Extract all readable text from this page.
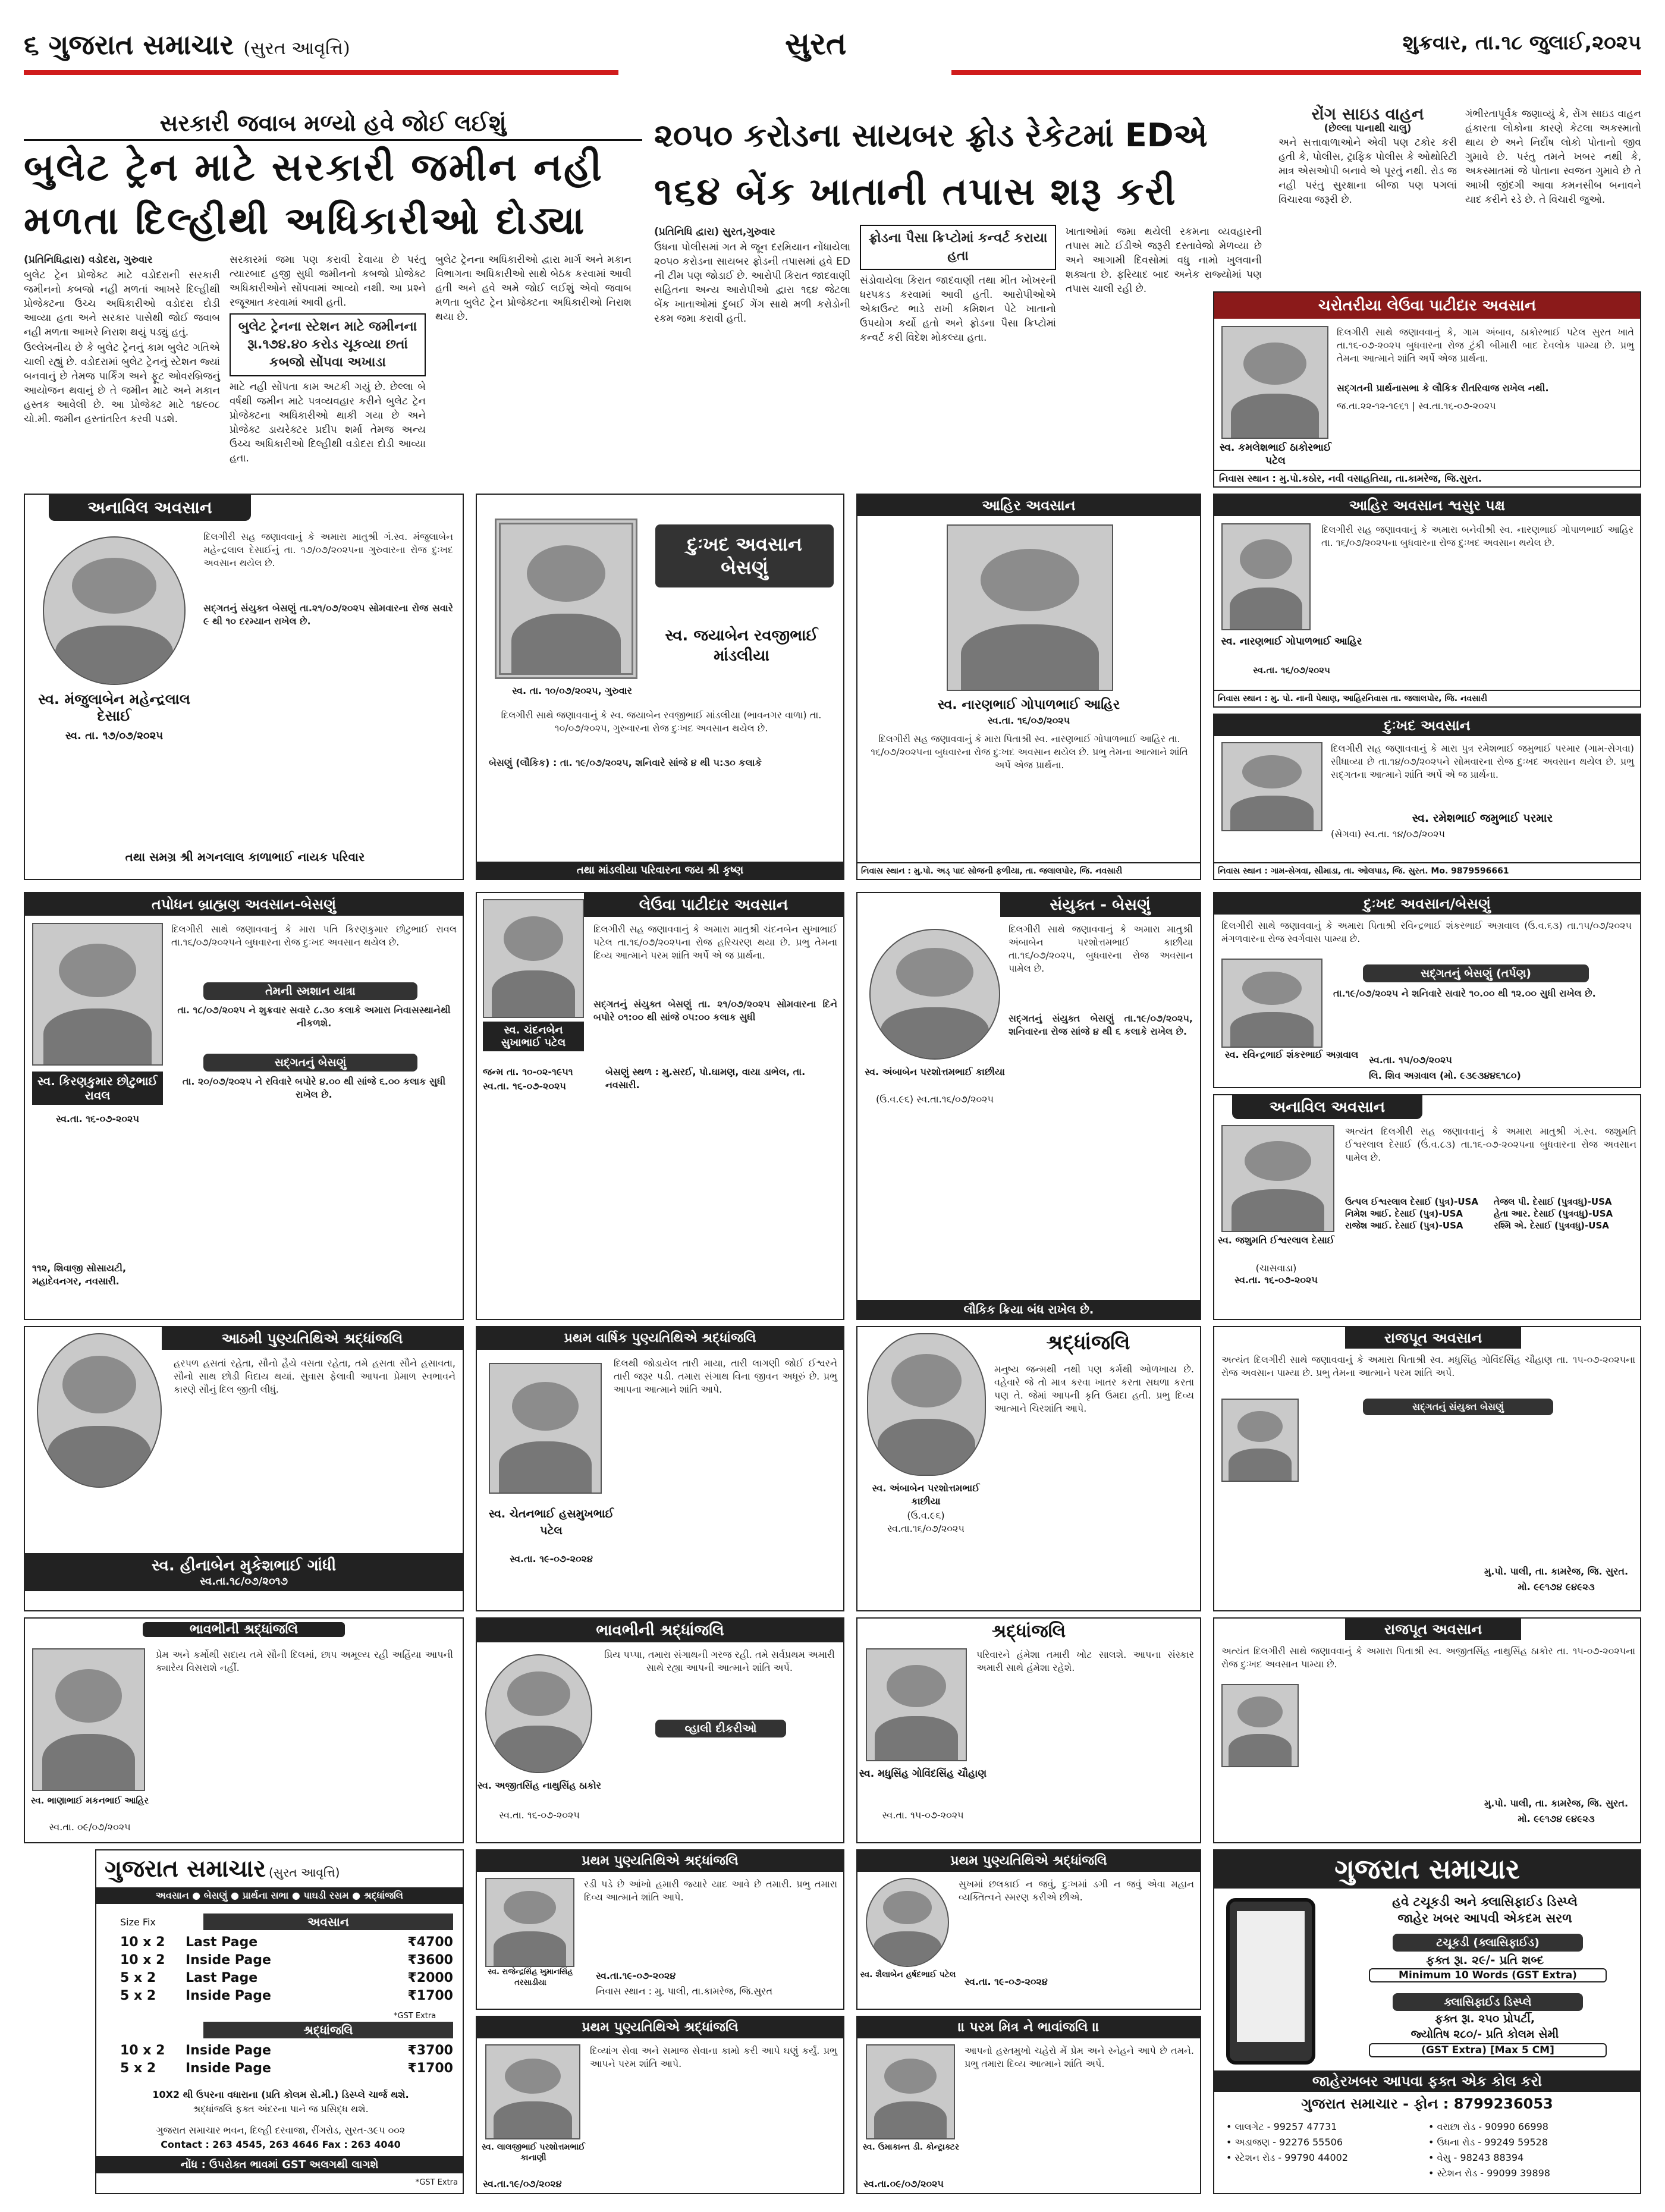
૬ ગુજરાત સમાચાર (સુરત આવૃત્તિ)	સુરત	શુક્રવાર, તા.૧૮ જુલાઈ,૨૦૨૫
સરકારી જવાબ મળ્યો હવે જોઈ લઈશું
બુલેટ ટ્રેન માટે સરકારી જમીન નહી
મળતા દિલ્હીથી અધિકારીઓ દોડ્યા

(પ્રતિનિધિદ્વારા) વડોદરા, ગુરુવાર

બુલેટ ટ્રેન પ્રોજેક્ટ માટે વડોદરાની સરકારી જમીનનો કબજો નહી મળતાં આખરે દિલ્હીથી પ્રોજેક્ટના ઉચ્ચ અધિકારીઓ વડોદરા દોડી આવ્યા હતા અને સરકાર પાસેથી જોઈ જવાબ નહી મળતા આખરે નિરાશ થયું પડ્યું હતું.

ઉલ્લેખનીય છે કે બુલેટ ટ્રેનનું કામ બુલેટ ગતિએ ચાલી રહ્યું છે. વડોદરામાં બુલેટ ટ્રેનનું સ્ટેશન જ્યાં બનવાનું છે તેમજ પાર્કિંગ અને ફૂટ ઓવરબ્રિજનું આયોજન થવાનું છે તે જમીન માટે અને મકાન હસ્તક આવેલી છે. આ પ્રોજેક્ટ માટે ૧૪૯૦૮ ચો.મી. જમીન હસ્તાંતરિત કરવી પડશે.

સરકારમાં જમા પણ કરાવી દેવાયા છે પરંતુ ત્યારબાદ હજી સુધી જમીનનો કબજો પ્રોજેક્ટ અધિકારીઓને સોંપવામાં આવ્યો નથી. આ પ્રશ્ને રજૂઆત કરવામાં આવી હતી.

બુલેટ ટ્રેનના સ્ટેશન માટે જમીનના રૂા.૧૭૪.૪૦ કરોડ ચૂકવ્યા છતાં કબજો સોંપવા અખાડા

માટે નહી સોંપતા કામ અટકી ગયું છે. છેલ્લા બે વર્ષથી જમીન માટે પત્રવ્યવહાર કરીને બુલેટ ટ્રેન પ્રોજેક્ટના અધિકારીઓ થાકી ગયા છે અને પ્રોજેક્ટ ડાયરેક્ટર પ્રદીપ શર્મા તેમજ અન્ય ઉચ્ચ અધિકારીઓ દિલ્હીથી વડોદરા દોડી આવ્યા હતા.

બુલેટ ટ્રેનના અધિકારીઓ દ્વારા માર્ગ અને મકાન વિભાગના અધિકારીઓ સાથે બેઠક કરવામાં આવી હતી અને હવે અમે જોઈ લઈશું એવો જવાબ મળતા બુલેટ ટ્રેન પ્રોજેક્ટના અધિકારીઓ નિરાશ થયા છે.

૨૦૫૦ કરોડના સાયબર ફ્રોડ રેકેટમાં EDએ
૧૬૪ બેંક ખાતાની તપાસ શરૂ કરી

(પ્રતિનિધિ દ્વારા) સુરત,ગુરુવાર

ઉધના પોલીસમાં ગત મે જૂન દરમિયાન નોંધાયેલા ૨૦૫૦ કરોડના સાયબર ફ્રોડની તપાસમાં હવે ED ની ટીમ પણ જોડાઈ છે. આરોપી કિરાત જાદવાણી સહિતના અન્ય આરોપીઓ દ્વારા ૧૬૪ જેટલા બેંક ખાતાઓમાં દુબઈ ગેંગ સાથે મળી કરોડોની રકમ જમા કરાવી હતી.

ફ્રોડના પૈસા ક્રિપ્ટોમાં કન્વર્ટ કરાયા હતા

સંડોવાયેલા કિરાત જાદવાણી તથા મીત ખોખરની ધરપકડ કરવામાં આવી હતી. આરોપીઓએ એકાઉન્ટ ભાડે રાખી કમિશન પેટે ખાતાનો ઉપયોગ કર્યો હતો અને ફ્રોડના પૈસા ક્રિપ્ટોમાં કન્વર્ટ કરી વિદેશ મોકલ્યા હતા.

ખાતાઓમાં જમા થયેલી રકમના વ્યવહારની તપાસ માટે ઈડીએ જરૂરી દસ્તાવેજો મેળવ્યા છે અને આગામી દિવસોમાં વધુ નામો ખુલવાની શક્યતા છે. ફરિયાદ બાદ અનેક રાજ્યોમાં પણ તપાસ ચાલી રહી છે.

રોંગ સાઇડ વાહન
(છેલ્લા પાનાથી ચાલુ)

અને સત્તાવાળાઓને એવી પણ ટકોર કરી હતી કે, પોલીસ, ટ્રાફિક પોલીસ કે ઓથોરિટી માત્ર એસઓપી બનાવે એ પૂરતું નથી. રોડ જ નહી પરંતુ સુરક્ષાના બીજા પણ પગલાં વિચારવા જરૂરી છે.

ગંભીરતાપૂર્વક જણાવ્યું કે, રોંગ સાઇડ વાહન હંકારતા લોકોના કારણે કેટલા અકસ્માતો થાય છે અને નિર્દોષ લોકો પોતાનો જીવ ગુમાવે છે. પરંતુ તમને ખબર નથી કે, અકસ્માતમાં જે પોતાના સ્વજન ગુમાવે છે તે આખી જીંદગી આવા કમનસીબ બનાવને યાદ કરીને રડે છે. તે વિચારી જુઓ.

ચરોતરીયા લેઉવા પાટીદાર અવસાન
સ્વ. કમલેશભાઈ ઠાકોરભાઈ પટેલ
દિલગીરી સાથે જણાવવાનું કે, ગામ અંબાવ, ઠાકોરભાઈ પટેલ સુરત ખાતે તા.૧૬-૦૭-૨૦૨૫ બુધવારના રોજ ટુંકી બીમારી બાદ દેવલોક પામ્યા છે. પ્રભુ તેમના આત્માને શાંતિ અર્પે એજ પ્રાર્થના.
સદ્‌ગતની પ્રાર્થનાસભા કે લૌકિક રીતરિવાજ રાખેલ નથી.
જ.તા.૨૨-૧૨-૧૯૬૧ | સ્વ.તા.૧૬-૦૭-૨૦૨૫
નિવાસ સ્થાન : મુ.પો.કઠોર, નવી વસાહતિયા, તા.કામરેજ, જિ.સુરત.
અનાવિલ અવસાન
સ્વ. મંજુલાબેન મહેન્દ્રલાલ દેસાઈ
સ્વ. તા. ૧૭/૦૭/૨૦૨૫
દિલગીરી સહ જણાવવાનું કે અમારા માતુશ્રી ગં.સ્વ. મંજુલાબેન મહેન્દ્રલાલ દેસાઈનું તા. ૧૭/૦૭/૨૦૨૫ના ગુરુવારના રોજ દુઃખદ અવસાન થયેલ છે.
સદ્‌ગતનું સંયુક્ત બેસણું તા.૨૧/૦૭/૨૦૨૫ સોમવારના રોજ સવારે ૯ થી ૧૦ દરમ્યાન રાખેલ છે.
તથા સમગ્ર શ્રી મગનલાલ કાળાભાઈ નાયક પરિવાર
દુઃખદ અવસાન બેસણું
સ્વ. જયાબેન રવજીભાઈ માંડલીયા
સ્વ. તા. ૧૦/૦૭/૨૦૨૫, ગુરુવાર
દિલગીરી સાથે જણાવવાનું કે સ્વ. જયાબેન રવજીભાઈ માંડલીયા (ભાવનગર વાળા) તા. ૧૦/૦૭/૨૦૨૫, ગુરુવારના રોજ દુઃખદ અવસાન થયેલ છે.
બેસણું (લૌકિક) : તા. ૧૯/૦૭/૨૦૨૫, શનિવારે સાંજે ૪ થી ૫:૩૦ કલાકે
તથા માંડલીયા પરિવારના જય શ્રી કૃષ્ણ
આહિર અવસાન
સ્વ. નારણભાઈ ગોપાળભાઈ આહિર
સ્વ.તા. ૧૬/૦૭/૨૦૨૫
દિલગીરી સહ જણાવવાનું કે મારા પિતાશ્રી સ્વ. નારણભાઈ ગોપાળભાઈ આહિર તા. ૧૬/૦૭/૨૦૨૫ના બુધવારના રોજ દુઃખદ અવસાન થયેલ છે. પ્રભુ તેમના આત્માને શાંતિ અર્પે એજ પ્રાર્થના.
નિવાસ સ્થાન : મુ.પો. અડ્‌ પાદ સોજની ફળીયા, તા. જલાલપોર, જિ. નવસારી
આહિર અવસાન શ્વસુર પક્ષ
દિલગીરી સહ જણાવવાનું કે અમારા બનેવીશ્રી સ્વ. નારણભાઈ ગોપાળભાઈ આહિર તા. ૧૬/૦૭/૨૦૨૫ના બુધવારના રોજ દુઃખદ અવસાન થયેલ છે.
સ્વ. નારણભાઈ ગોપાળભાઈ આહિર
સ્વ.તા. ૧૬/૦૭/૨૦૨૫
નિવાસ સ્થાન : મુ. પો. નાની પેથાણ, આહિરનિવાસ તા. જલાલપોર, જિ. નવસારી
દુઃખદ અવસાન
દિલગીરી સહ જણાવવાનું કે મારા પુત્ર રમેશભાઈ જમુભાઈ પરમાર (ગામ-સેગવા) સીધાવ્યા છે તા.૧૪/૦૭/૨૦૨૫ને સોમવારના રોજ દુઃખદ અવસાન થયેલ છે. પ્રભુ સદ્‌ગતના આત્માને શાંતિ અર્પે એ જ પ્રાર્થના.
સ્વ. રમેશભાઈ જમુભાઈ પરમાર
(સેગવા) સ્વ.તા. ૧૪/૦૭/૨૦૨૫
નિવાસ સ્થાન : ગામ-સેગવા, સીમાડા, તા. ઓલપાડ, જિ. સુરત. Mo. 9879596661
તપોધન બ્રાહ્મણ અવસાન-બેસણું
દિલગીરી સાથે જણાવવાનું કે મારા પતિ કિરણકુમાર છોટુભાઈ રાવલ તા.૧૬/૦૭/૨૦૨૫ને બુધવારના રોજ દુઃખદ અવસાન થયેલ છે.
તેમની સ્મશાન યાત્રા
તા. ૧૮/૦૭/૨૦૨૫ ને શુક્રવાર સવારે ૮.૩૦ કલાકે અમારા નિવાસસ્થાનેથી નીકળશે.
સદ્‌ગતનું બેસણું
તા. ૨૦/૦૭/૨૦૨૫ ને રવિવારે બપોરે ૪.૦૦ થી સાંજે ૬.૦૦ કલાક સુધી રાખેલ છે.
સ્વ. કિરણકુમાર છોટુભાઈ રાવલ
સ્વ.તા. ૧૬-૦૭-૨૦૨૫
૧૧૨, શિવાજી સોસાયટી, મહાદેવનગર, નવસારી.
લેઉવા પાટીદાર અવસાન
દિલગીરી સહ જણાવવાનું કે અમારા માતુશ્રી ચંદનબેન સુખાભાઈ પટેલ તા.૧૬/૦૭/૨૦૨૫ના રોજ હરિચરણ થયા છે. પ્રભુ તેમના દિવ્ય આત્માને પરમ શાંતિ અર્પે એ જ પ્રાર્થના.
સ્વ. ચંદનબેન સુખાભાઈ પટેલ
જન્મ તા. ૧૦-૦૨-૧૯૫૧
સ્વ.તા. ૧૬-૦૭-૨૦૨૫
સદ્‌ગતનું સંયુક્ત બેસણું તા. ૨૧/૦૭/૨૦૨૫ સોમવારના દિને બપોરે ૦૧:૦૦ થી સાંજે ૦૫:૦૦ કલાક સુધી
બેસણું સ્થળ : મુ.સરઈ, પો.ઘામણ, વાયા ડાભેલ, તા. નવસારી.
સંયુક્ત - બેસણું
દિલગીરી સાથે જણાવવાનું કે અમારા માતુશ્રી અંબાબેન પરશોત્તમભાઈ કાછીયા તા.૧૬/૦૭/૨૦૨૫, બુધવારના રોજ અવસાન પામેલ છે.
સ્વ. અંબાબેન પરશોત્તમભાઈ કાછીયા
(ઉ.વ.૯૬) સ્વ.તા.૧૬/૦૭/૨૦૨૫
સદ્‌ગતનું સંયુક્ત બેસણું તા.૧૯/૦૭/૨૦૨૫, શનિવારના રોજ સાંજે ૪ થી ૬ કલાકે રાખેલ છે.
લૌકિક ક્રિયા બંધ રાખેલ છે.
દુઃખદ અવસાન/બેસણું
દિલગીરી સાથે જણાવવાનું કે અમારા પિતાશ્રી રવિન્દ્રભાઈ શંકરભાઈ અગ્રવાલ (ઉ.વ.૬૩) તા.૧૫/૦૭/૨૦૨૫ મંગળવારના રોજ સ્વર્ગવાસ પામ્યા છે.
સદ્‌ગતનું બેસણું (તર્પણ)
તા.૧૯/૦૭/૨૦૨૫ ને શનિવારે સવારે ૧૦.૦૦ થી ૧૨.૦૦ સુધી રાખેલ છે.
સ્વ. રવિન્દ્રભાઈ શંકરભાઈ અગ્રવાલ	સ્વ.તા. ૧૫/૦૭/૨૦૨૫
લિ. શિવ અગ્રવાલ (મો. ૯૩૯૩૪૪૬૧૮૦)
અનાવિલ અવસાન
અત્યંત દિલગીરી સહ જણાવવાનું કે અમારા માતુશ્રી ગં.સ્વ. જશુમતિ ઈશ્વરલાલ દેસાઈ (ઉં.વ.૮૩) તા.૧૬-૦૭-૨૦૨૫ના બુધવારના રોજ અવસાન પામેલ છે.
સ્વ. જશુમતિ ઈશ્વરલાલ દેસાઈ
(ચાસવાડા)
સ્વ.તા. ૧૬-૦૭-૨૦૨૫
ઉત્પલ ઈશ્વરલાલ દેસાઈ (પુત્ર)-USA	તેજલ પી. દેસાઈ (પુત્રવધુ)-USA
નિમેશ આઈ. દેસાઈ (પુત્ર)-USA	હેતા આર. દેસાઈ (પુત્રવધુ)-USA
રાજેશ આઈ. દેસાઈ (પુત્ર)-USA	રશ્મિ એ. દેસાઈ (પુત્રવધુ)-USA
આઠમી પુણ્યતિથિએ શ્રદ્ધાંજલિ
હરપળ હસતાં રહેતા, સૌનો હૈયે વસતા રહેતા, તમે હસતા સૌને હસાવતા, સૌનો સાથ છોડી વિદાય થયાં. સુવાસ ફેલાવી આપના પ્રેમાળ સ્વભાવને કારણે સૌનું દિલ જીતી લીધું.
સ્વ. હીનાબેન મુકેશભાઈ ગાંધી
સ્વ.તા.૧૮/૦૭/૨૦૧૭
પ્રથમ વાર્ષિક પુણ્યતિથિએ શ્રદ્ધાંજલિ
દિલથી જોડાયેલ તારી માયા, તારી લાગણી જોઈ ઈશ્વરને તારી જરૂર પડી. તમારા સંગાથ વિના જીવન અધૂરું છે. પ્રભુ આપના આત્માને શાંતિ આપે.
સ્વ. ચેતનભાઈ હસમુખભાઈ પટેલ
સ્વ.તા. ૧૯-૦૭-૨૦૨૪
શ્રદ્ધાંજલિ
મનુષ્ય જન્મથી નથી પણ કર્મથી ઓળખાય છે. વહેવારે જે તો માત્ર કરવા ખાતર કરતા સઘળા કરતા પણ તે. જેમાં આપની કૃતિ ઉમદા હતી. પ્રભુ દિવ્ય આત્માને ચિરશાંતિ આપે.
સ્વ. અંબાબેન પરશોત્તમભાઈ કાછીયા
(ઉ.વ.૯૬)
સ્વ.તા.૧૬/૦૭/૨૦૨૫
રાજપૂત અવસાન
અત્યંત દિલગીરી સાથે જણાવવાનું કે અમારા પિતાશ્રી સ્વ. મધુસિંહ ગોવિંદસિંહ ચૌહાણ તા. ૧૫-૦૭-૨૦૨૫ના રોજ અવસાન પામ્યા છે. પ્રભુ તેમના આત્માને પરમ શાંતિ અર્પે.
સદ્‌ગતનું સંયુક્ત બેસણું
મુ.પો. પાલી, તા. કામરેજ, જિ. સુરત.
મો. ૯૯૧૭૪ ૯૪૯૨૩
ભાવભીની શ્રદ્ધાંજલિ
પ્રેમ અને કર્મોથી સદાય તમે સૌની દિલમાં, છાપ અમૂલ્ય રહી અહિંયા આપની ક્યારેય વિસરાશે નહીં.
સ્વ. ભાણાભાઈ મકનભાઈ આહિર
સ્વ.તા. ૦૯/૦૭/૨૦૨૫
ભાવભીની શ્રદ્ધાંજલિ
પ્રિય પપ્પા, તમારા સંગાથની ગરજ રહી. તમે સર્વપ્રથમ અમારી સાથે રહ્યા આપની આત્માને શાંતિ અર્પે.
વ્હાલી દીકરીઓ
સ્વ. અજીતસિંહ નાથુસિંહ ઠાકોર
સ્વ.તા. ૧૬-૦૭-૨૦૨૫
શ્રદ્ધાંજલિ
પરિવારને હંમેશા તમારી ખોટ સાલશે. આપના સંસ્કાર અમારી સાથે હંમેશા રહેશે.
સ્વ. મધુસિંહ ગોવિંદસિંહ ચૌહાણ
સ્વ.તા. ૧૫-૦૭-૨૦૨૫
રાજપૂત અવસાન
અત્યંત દિલગીરી સાથે જણાવવાનું કે અમારા પિતાશ્રી સ્વ. અજીતસિંહ નાથુસિંહ ઠાકોર તા. ૧૫-૦૭-૨૦૨૫ના રોજ દુઃખદ અવસાન પામ્યા છે.
મુ.પો. પાલી, તા. કામરેજ, જિ. સુરત.
મો. ૯૯૧૭૪ ૯૪૯૨૩
ગુજરાત સમાચાર (સુરત આવૃત્તિ)
અવસાન ● બેસણું ● પ્રાર્થના સભા ● પાઘડી રસમ ● શ્રદ્ધાંજલિ
Size Fix	અવસાન
10 x 2	Last Page	₹4700
10 x 2	Inside Page	₹3600
5 x 2	Last Page	₹2000
5 x 2	Inside Page	₹1700
*GST Extra
શ્રદ્ધાંજલિ
10 x 2	Inside Page	₹3700
5 x 2	Inside Page	₹1700
10X2 થી ઉપરના વધારાના (પ્રતિ કોલમ સે.મી.) ડિસ્પ્લે ચાર્જ થશે.
શ્રદ્ધાંજલિ ફક્ત અંદરના પાને જ પ્રસિદ્ધ થશે.
ગુજરાત સમાચાર ભવન, દિલ્હી દરવાજા, રીંગરોડ, સુરત-૩૯૫ ૦૦૨
Contact : 263 4545, 263 4646 Fax : 263 4040
નોંધ : ઉપરોક્ત ભાવમાં GST અલગથી લાગશે
*GST Extra
પ્રથમ પુણ્યતિથિએ શ્રદ્ધાંજલિ
રડી પડે છે આંખો હમારી જ્યારે યાદ આવે છે તમારી. પ્રભુ તમારા દિવ્ય આત્માને શાંતિ આપે.
સ્વ. રાજેન્દ્રસિંહ ખુમાનસિંહ તરસાડીયા
સ્વ.તા.૧૯-૦૭-૨૦૨૪
નિવાસ સ્થાન : મુ. પાલી, તા.કામરેજ, જિ.સુરત
પ્રથમ પુણ્યતિથિએ શ્રદ્ધાંજલિ
સુખમાં છલકાઈ ન જવું, દુઃખમાં ડગી ન જવું એવા મહાન વ્યક્તિત્વને સ્મરણ કરીએ છીએ.
સ્વ. શૈલાબેન હર્ષદભાઈ પટેલ
સ્વ.તા. ૧૯-૦૭-૨૦૨૪
ગુજરાત સમાચાર
હવે ટચૂકડી અને ક્લાસિફાઈડ ડિસ્પ્લે
જાહેર ખબર આપવી એકદમ સરળ
ટચૂકડી (ક્લાસિફાઈડ)
ફક્ત રૂા. ૨૯/- પ્રતિ શબ્દ
Minimum 10 Words (GST Extra)
ક્લાસિફાઈડ ડિસ્પ્લે
ફક્ત રૂા. ૨૫૦ પ્રોપર્ટી,
જ્યોતિષ ૨૮૦/- પ્રતિ કોલમ સેમી
(GST Extra) [Max 5 CM]
જાહેરખબર આપવા ફક્ત એક કોલ કરો
ગુજરાત સમાચાર - ફોન : 8799236053
• લાલગેટ - 99257 47731	• વરાછા રોડ - 90990 66998
• અડાજણ - 92276 55506	• ઉધના રોડ - 99249 59528
• સ્ટેશન રોડ - 99790 44002	• વેસુ - 98243 88394
• સ્ટેશન રોડ - 99099 39898
પ્રથમ પુણ્યતિથિએ શ્રદ્ધાંજલિ
દિવ્યાંગ સેવા અને સમાજ સેવાના કામો કરી આપે ઘણું કર્યું. પ્રભુ આપને પરમ શાંતિ આપે.
સ્વ. લાલજીભાઈ પરશોત્તમભાઈ કાનાણી
સ્વ.તા.૧૯/૦૭/૨૦૨૪
॥ પરમ મિત્ર ને ભાવાંજલિ ॥
આપનો હસ્તમુખો ચહેરો મેં પ્રેમ અને સ્નેહને આપે છે તમને. પ્રભુ તમારા દિવ્ય આત્માને શાંતિ અર્પે.
સ્વ. ઉમાકાન્ત ડી. કોન્ટ્રાક્ટર
સ્વ.તા.૦૯/૦૭/૨૦૨૫
